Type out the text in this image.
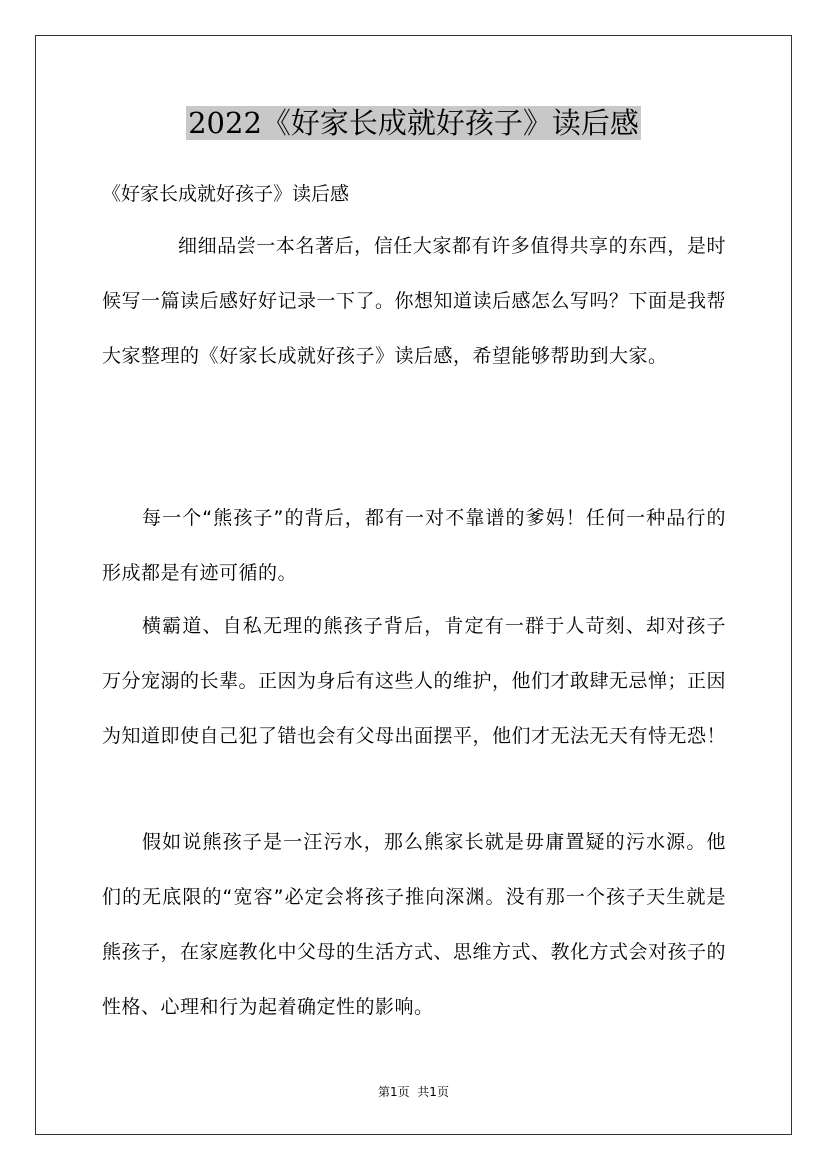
2022《好家长成就好孩子》读后感

《好家长成就好孩子》读后感

细细品尝一本名著后，信任大家都有许多值得共享的东西，是时候写一篇读后感好好记录一下了。你想知道读后感怎么写吗？下面是我帮大家整理的《好家长成就好孩子》读后感，希望能够帮助到大家。

每一个“熊孩子”的背后，都有一对不靠谱的爹妈！任何一种品行的形成都是有迹可循的。

横霸道、自私无理的熊孩子背后，肯定有一群于人苛刻、却对孩子万分宠溺的长辈。正因为身后有这些人的维护，他们才敢肆无忌惮；正因为知道即使自己犯了错也会有父母出面摆平，他们才无法无天有恃无恐！

假如说熊孩子是一汪污水，那么熊家长就是毋庸置疑的污水源。他们的无底限的“宽容”必定会将孩子推向深渊。没有那一个孩子天生就是熊孩子，在家庭教化中父母的生活方式、思维方式、教化方式会对孩子的性格、心理和行为起着确定性的影响。

第1页  共1页
